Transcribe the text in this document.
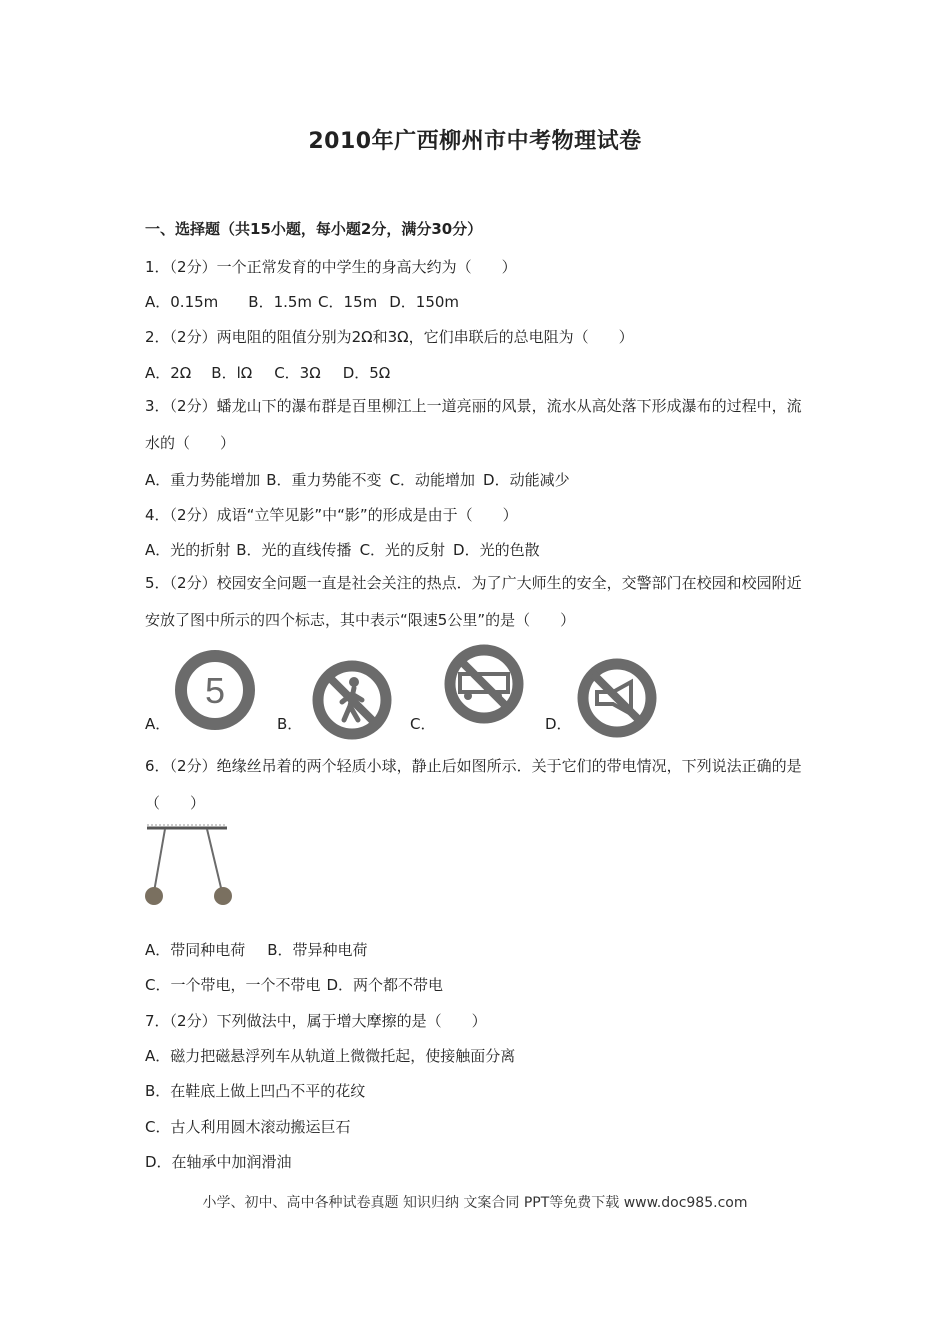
2010年广西柳州市中考物理试卷
一、选择题（共15小题，每小题2分，满分30分）
1．（2分）一个正常发育的中学生的身高大约为（　　）
A．0.15m B．1.5m C．15m D．150m
2．（2分）两电阻的阻值分别为2Ω和3Ω，它们串联后的总电阻为（　　）
A．2Ω B．lΩ C．3Ω D．5Ω
3．（2分）蟠龙山下的瀑布群是百里柳江上一道亮丽的风景，流水从高处落下形成瀑布的过程中，流水的（　　）
A．重力势能增加 B．重力势能不变 C．动能增加 D．动能减少
4．（2分）成语“立竿见影”中“影”的形成是由于（　　）
A．光的折射 B．光的直线传播 C．光的反射 D．光的色散
5．（2分）校园安全问题一直是社会关注的热点．为了广大师生的安全，交警部门在校园和校园附近安放了图中所示的四个标志，其中表示“限速5公里”的是（　　）
A．
5
B．	C．	D．
6．（2分）绝缘丝吊着的两个轻质小球，静止后如图所示．关于它们的带电情况，下列说法正确的是（　　）
A．带同种电荷 B．带异种电荷
C．一个带电，一个不带电 D．两个都不带电
7．（2分）下列做法中，属于增大摩擦的是（　　）
A．磁力把磁悬浮列车从轨道上微微托起，使接触面分离
B．在鞋底上做上凹凸不平的花纹
C．古人利用圆木滚动搬运巨石
D．在轴承中加润滑油
小学、初中、高中各种试卷真题 知识归纳 文案合同 PPT等免费下载 www.doc985.com
